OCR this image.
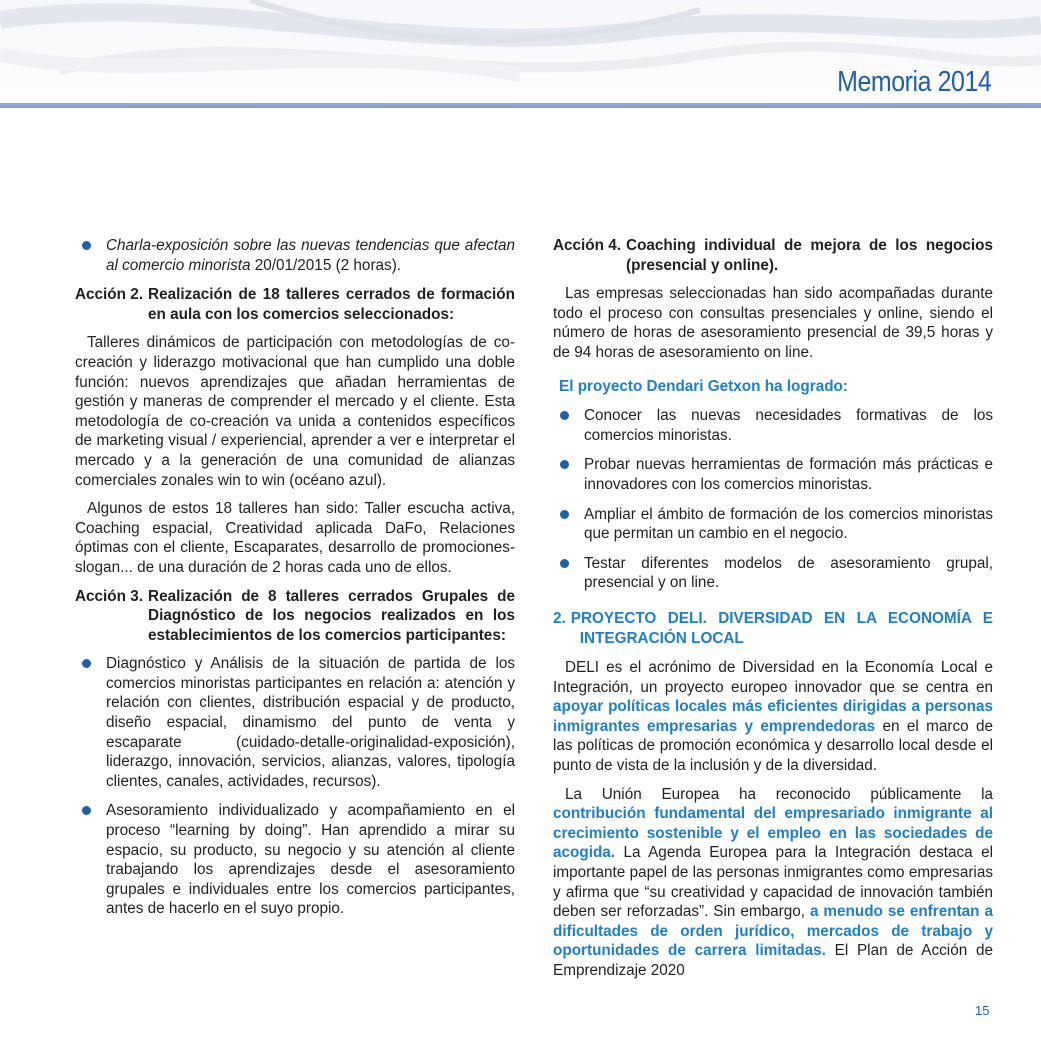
Memoria 2014
Charla-exposición sobre las nuevas tendencias que afectan al comercio minorista 20/01/2015 (2 horas).
Acción 2. Realización de 18 talleres cerrados de formación en aula con los comercios seleccionados:

Talleres dinámicos de participación con metodologías de co-creación y liderazgo motivacional que han cumplido una doble función: nuevos aprendizajes que añadan herramientas de gestión y maneras de comprender el mercado y el cliente. Esta metodología de co-creación va unida a contenidos específicos de marketing visual / experiencial, aprender a ver e interpretar el mercado y a la generación de una comunidad de alianzas comerciales zonales win to win (océano azul).

Algunos de estos 18 talleres han sido: Taller escucha activa, Coaching espacial, Creatividad aplicada DaFo, Relaciones óptimas con el cliente, Escaparates, desarrollo de promociones-slogan... de una duración de 2 horas cada uno de ellos.

Acción 3. Realización de 8 talleres cerrados Grupales de Diagnóstico de los negocios realizados en los establecimientos de los comercios participantes:
Diagnóstico y Análisis de la situación de partida de los comercios minoristas participantes en relación a: atención y relación con clientes, distribución espacial y de producto, diseño espacial, dinamismo del punto de venta y escaparate (cuidado-detalle-originalidad-exposición), liderazgo, innovación, servicios, alianzas, valores, tipología clientes, canales, actividades, recursos).
Asesoramiento individualizado y acompañamiento en el proceso “learning by doing”. Han aprendido a mirar su espacio, su producto, su negocio y su atención al cliente trabajando los aprendizajes desde el asesoramiento grupales e individuales entre los comercios participantes, antes de hacerlo en el suyo propio.
Acción 4. Coaching individual de mejora de los negocios (presencial y online).

Las empresas seleccionadas han sido acompañadas durante todo el proceso con consultas presenciales y online, siendo el número de horas de asesoramiento presencial de 39,5 horas y de 94 horas de asesoramiento on line.

El proyecto Dendari Getxon ha logrado:
Conocer las nuevas necesidades formativas de los comercios minoristas.
Probar nuevas herramientas de formación más prácticas e innovadores con los comercios minoristas.
Ampliar el ámbito de formación de los comercios minoristas que permitan un cambio en el negocio.
Testar diferentes modelos de asesoramiento grupal, presencial y on line.
2. PROYECTO DELI. DIVERSIDAD EN LA ECONOMÍA E INTEGRACIÓN LOCAL

DELI es el acrónimo de Diversidad en la Economía Local e Integración, un proyecto europeo innovador que se centra en apoyar políticas locales más eficientes dirigidas a personas inmigrantes empresarias y emprendedoras en el marco de las políticas de promoción económica y desarrollo local desde el punto de vista de la inclusión y de la diversidad.

La Unión Europea ha reconocido públicamente la contribución fundamental del empresariado inmigrante al crecimiento sostenible y el empleo en las sociedades de acogida. La Agenda Europea para la Integración destaca el importante papel de las personas inmigrantes como empresarias y afirma que “su creatividad y capacidad de innovación también deben ser reforzadas”. Sin embargo, a menudo se enfrentan a dificultades de orden jurídico, mercados de trabajo y oportunidades de carrera limitadas. El Plan de Acción de Emprendizaje 2020

15
